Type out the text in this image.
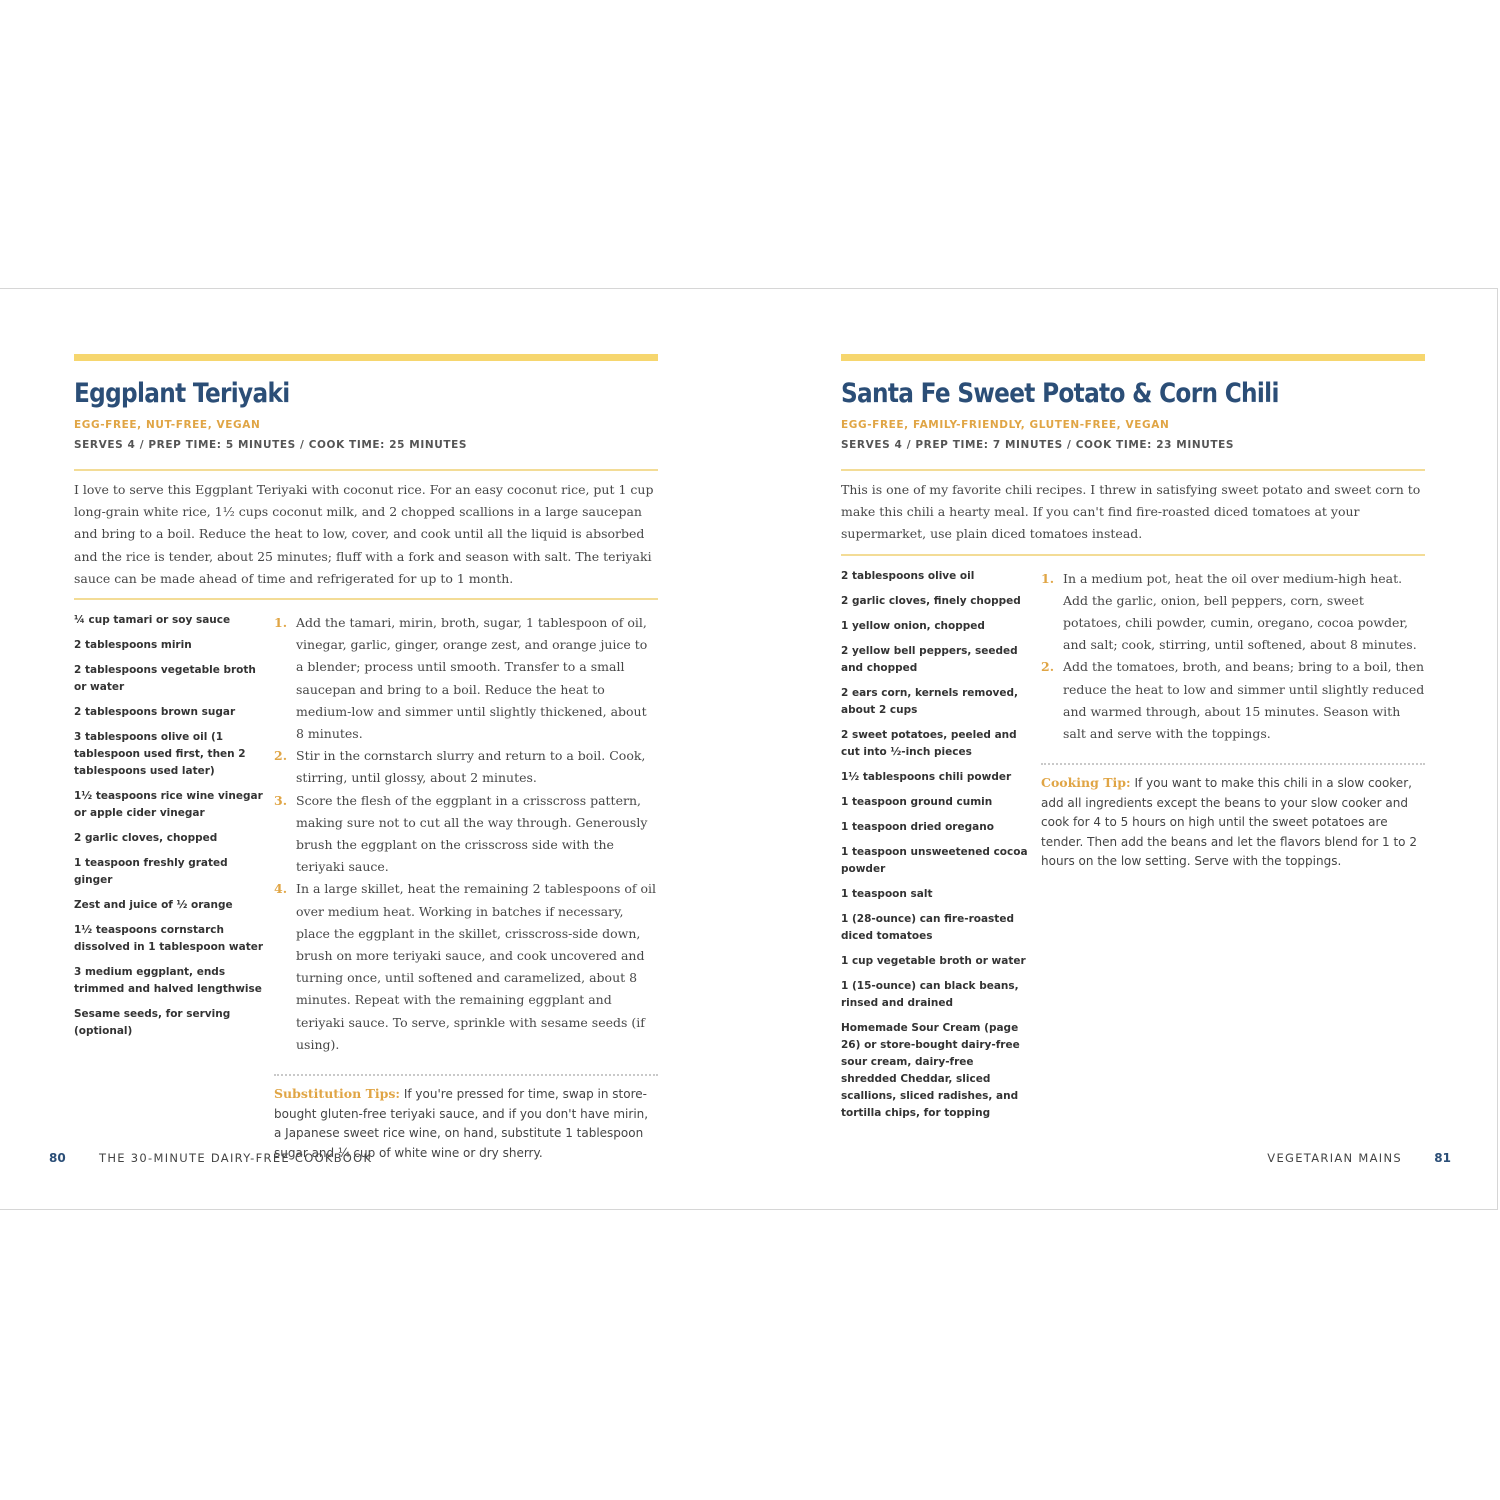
Eggplant Teriyaki
EGG-FREE, NUT-FREE, VEGAN
SERVES 4 / PREP TIME: 5 MINUTES / COOK TIME: 25 MINUTES
I love to serve this Eggplant Teriyaki with coconut rice. For an easy coconut rice, put 1 cup long-grain white rice, 1½ cups coconut milk, and 2 chopped scallions in a large saucepan and bring to a boil. Reduce the heat to low, cover, and cook until all the liquid is absorbed and the rice is tender, about 25 minutes; fluff with a fork and season with salt. The teriyaki sauce can be made ahead of time and refrigerated for up to 1 month.
¼ cup tamari or soy sauce
2 tablespoons mirin
2 tablespoons vegetable broth or water
2 tablespoons brown sugar
3 tablespoons olive oil (1 tablespoon used first, then 2 tablespoons used later)
1½ teaspoons rice wine vinegar or apple cider vinegar
2 garlic cloves, chopped
1 teaspoon freshly grated ginger
Zest and juice of ½ orange
1½ teaspoons cornstarch dissolved in 1 tablespoon water
3 medium eggplant, ends trimmed and halved lengthwise
Sesame seeds, for serving (optional)
1. Add the tamari, mirin, broth, sugar, 1 tablespoon of oil, vinegar, garlic, ginger, orange zest, and orange juice to a blender; process until smooth. Transfer to a small saucepan and bring to a boil. Reduce the heat to medium-low and simmer until slightly thickened, about 8 minutes.
2. Stir in the cornstarch slurry and return to a boil. Cook, stirring, until glossy, about 2 minutes.
3. Score the flesh of the eggplant in a crisscross pattern, making sure not to cut all the way through. Generously brush the eggplant on the crisscross side with the teriyaki sauce.
4. In a large skillet, heat the remaining 2 tablespoons of oil over medium heat. Working in batches if necessary, place the eggplant in the skillet, crisscross-side down, brush on more teriyaki sauce, and cook uncovered and turning once, until softened and caramelized, about 8 minutes. Repeat with the remaining eggplant and teriyaki sauce. To serve, sprinkle with sesame seeds (if using).
Substitution Tips: If you're pressed for time, swap in store-bought gluten-free teriyaki sauce, and if you don't have mirin, a Japanese sweet rice wine, on hand, substitute 1 tablespoon sugar and ¼ cup of white wine or dry sherry.
Santa Fe Sweet Potato & Corn Chili
EGG-FREE, FAMILY-FRIENDLY, GLUTEN-FREE, VEGAN
SERVES 4 / PREP TIME: 7 MINUTES / COOK TIME: 23 MINUTES
This is one of my favorite chili recipes. I threw in satisfying sweet potato and sweet corn to make this chili a hearty meal. If you can't find fire-roasted diced tomatoes at your supermarket, use plain diced tomatoes instead.
2 tablespoons olive oil
2 garlic cloves, finely chopped
1 yellow onion, chopped
2 yellow bell peppers, seeded and chopped
2 ears corn, kernels removed, about 2 cups
2 sweet potatoes, peeled and cut into ½-inch pieces
1½ tablespoons chili powder
1 teaspoon ground cumin
1 teaspoon dried oregano
1 teaspoon unsweetened cocoa powder
1 teaspoon salt
1 (28-ounce) can fire-roasted diced tomatoes
1 cup vegetable broth or water
1 (15-ounce) can black beans, rinsed and drained
Homemade Sour Cream (page 26) or store-bought dairy-free sour cream, dairy-free shredded Cheddar, sliced scallions, sliced radishes, and tortilla chips, for topping
1. In a medium pot, heat the oil over medium-high heat. Add the garlic, onion, bell peppers, corn, sweet potatoes, chili powder, cumin, oregano, cocoa powder, and salt; cook, stirring, until softened, about 8 minutes.
2. Add the tomatoes, broth, and beans; bring to a boil, then reduce the heat to low and simmer until slightly reduced and warmed through, about 15 minutes. Season with salt and serve with the toppings.
Cooking Tip: If you want to make this chili in a slow cooker, add all ingredients except the beans to your slow cooker and cook for 4 to 5 hours on high until the sweet potatoes are tender. Then add the beans and let the flavors blend for 1 to 2 hours on the low setting. Serve with the toppings.
80	THE 30-MINUTE DAIRY-FREE COOKBOOK	VEGETARIAN MAINS	81
